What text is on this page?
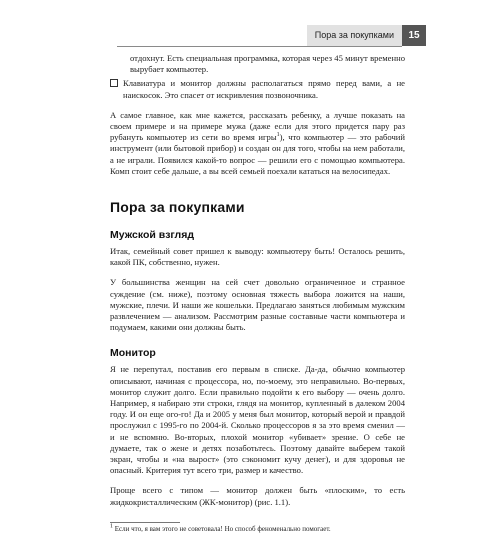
Пора за покупками	15

отдохнут. Есть специальная программка, которая через 45 минут временно вырубает компьютер.

Клавиатура и монитор должны располагаться прямо перед вами, а не наискосок. Это спасет от искривления позвоночника.

А самое главное, как мне кажется, рассказать ребенку, а лучше показать на своем примере и на примере мужа (даже если для этого придется пару раз рубануть компьютер из сети во время игры$^1$), что компьютер — это рабочий инструмент (или бытовой прибор) и создан он для того, чтобы на нем работали, а не играли. Появился какой-то вопрос — решили его с помощью компьютера. Комп стоит себе дальше, а вы всей семьей поехали кататься на велосипедах.

Пора за покупками
Мужской взгляд

Итак, семейный совет пришел к выводу: компьютеру быть! Осталось решить, какой ПК, собственно, нужен.

У большинства женщин на сей счет довольно ограниченное и странное суждение (см. ниже), поэтому основная тяжесть выбора ложится на наши, мужские, плечи. И наши же кошельки. Предлагаю заняться любимым мужским развлечением — анализом. Рассмотрим разные составные части компьютера и подумаем, какими они должны быть.

Монитор

Я не перепутал, поставив его первым в списке. Да-да, обычно компьютер описывают, начиная с процессора, но, по-моему, это неправильно. Во-первых, монитор служит долго. Если правильно подойти к его выбору — очень долго. Например, я набираю эти строки, глядя на монитор, купленный в далеком 2004 году. И он еще ого-го! Да и 2005 у меня был монитор, который верой и правдой прослужил с 1995-го по 2004-й. Сколько процессоров я за это время сменил — и не вспомню. Во-вторых, плохой монитор «убивает» зрение. О себе не думаете, так о жене и детях позаботьтесь. Поэтому давайте выберем такой экран, чтобы и «на вырост» (это сэкономит кучу денег), и для здоровья не опасный. Критерия тут всего три, размер и качество.

Проще всего с типом — монитор должен быть «плоским», то есть жидкокристаллическим (ЖК-монитор) (рис. 1.1).

1 Если что, я вам этого не советовала! Но способ феноменально помогает.
